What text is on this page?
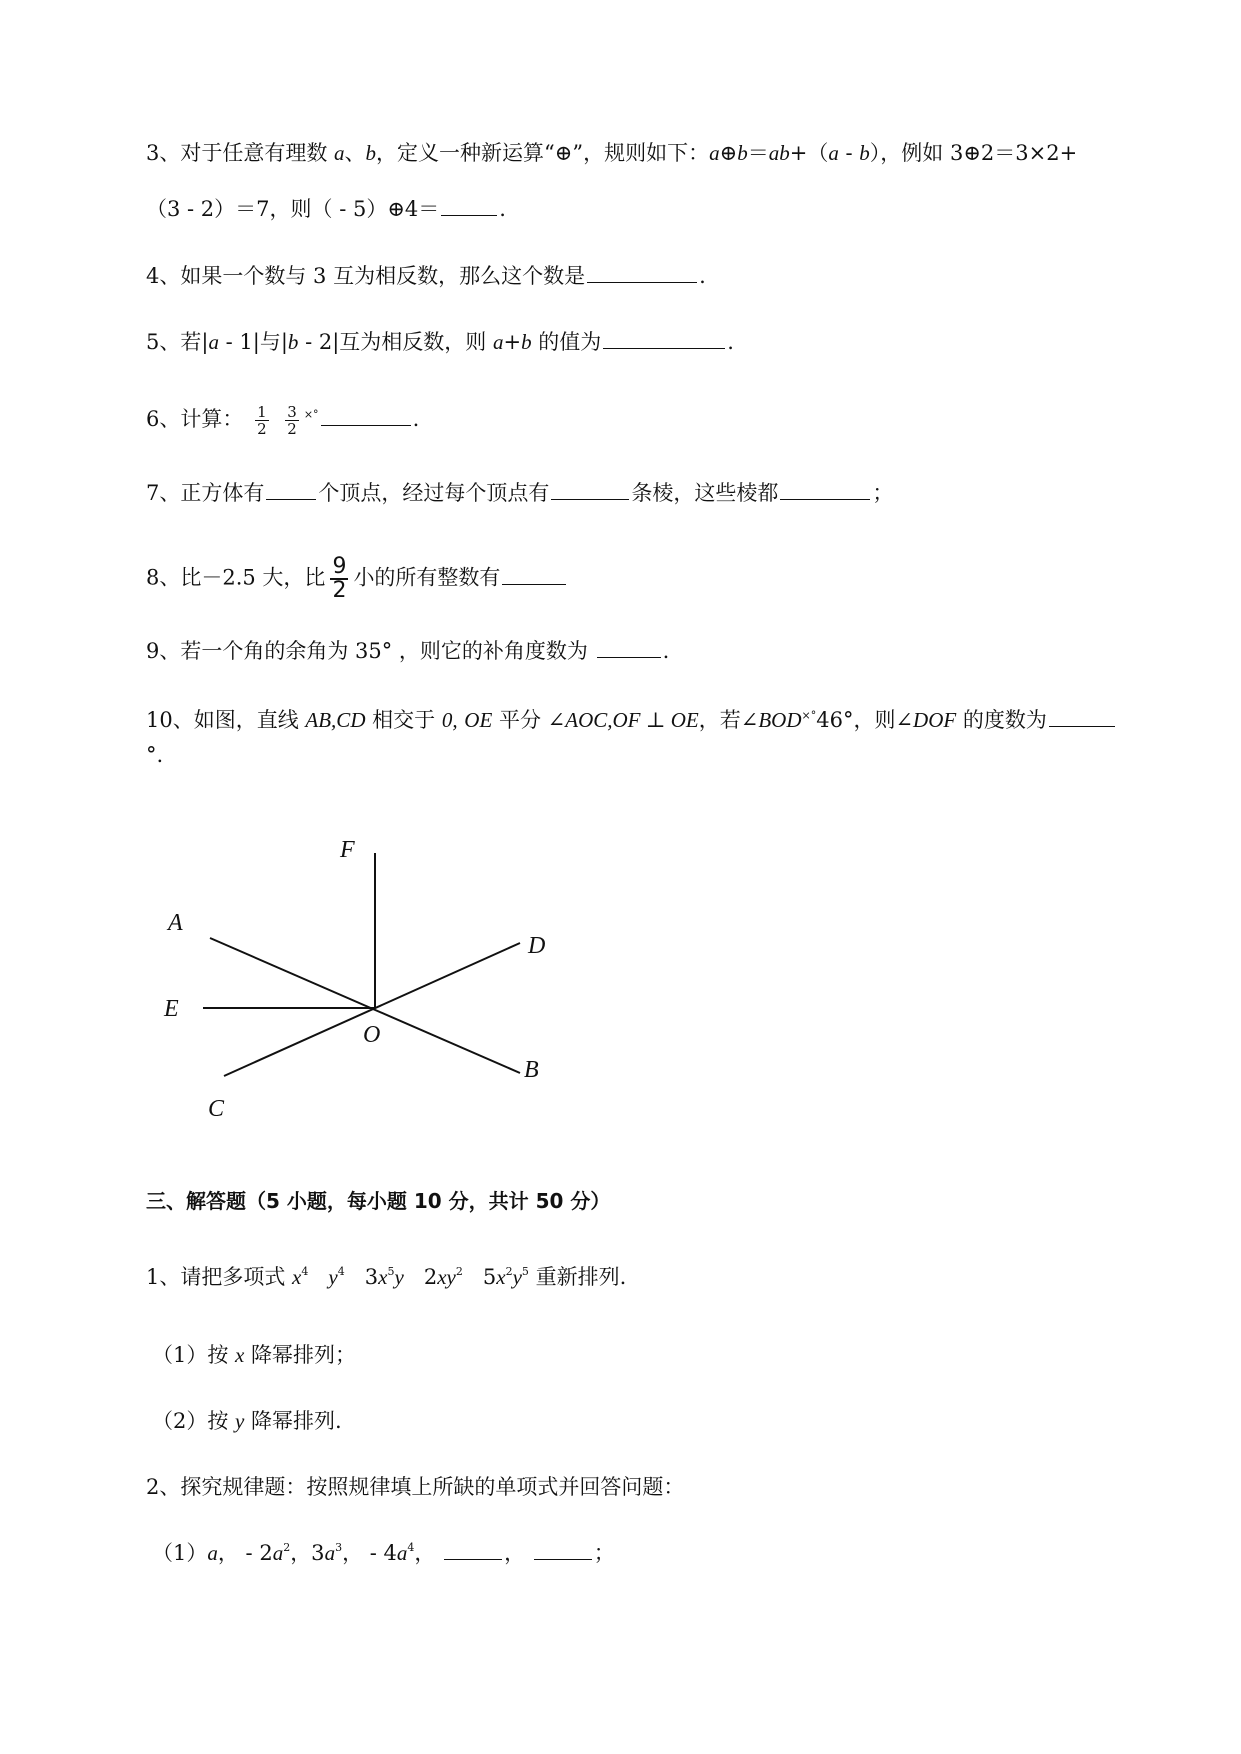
3、对于任意有理数 a、b，定义一种新运算“⊕”，规则如下：a⊕b＝ab+（a - b），例如 3⊕2＝3×2+
（3 - 2）＝7，则（ - 5）⊕4＝	.
4、如果一个数与 3 互为相反数，那么这个数是	.
5、若|a - 1|与|b - 2|互为相反数，则 a+b 的值为	.
6、计算： $\frac{1}{2}$
$\frac{3}{2} ^{\times^\circ}$	.
7、正方体有	个顶点，经过每个顶点有	条棱，这些棱都	；
8、比－2.5 大，比 $\frac{9}{2}$ 小的所有整数有
9、若一个角的余角为 35° ，则它的补角度数为	.
10、如图，直线 AB,CD 相交于 0, OE 平分 ∠AOC,OF ⊥ OE，若∠BOD×°46°，则∠DOF 的度数为
°.
F
A
D
E
O
B
C
三、解答题（5 小题，每小题 10 分，共计 50 分）
1、请把多项式 $x^4$ $y^4$ $3x^5y$ $2xy^2$ $5x^2y^5$ 重新排列.
（1）按 x 降幂排列；
（2）按 y 降幂排列.
2、探究规律题：按照规律填上所缺的单项式并回答问题：
（1）a， - $2a^2$，$3a^3$， - $4a^4$，	，	；
